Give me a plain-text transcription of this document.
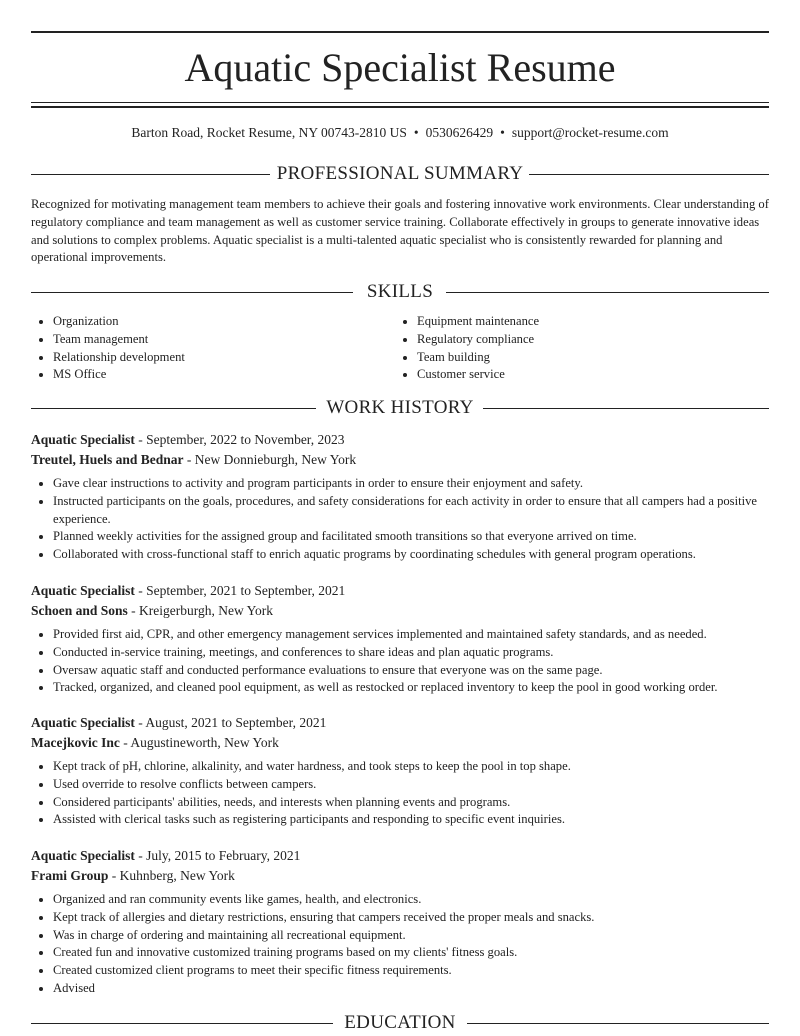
Aquatic Specialist Resume
Barton Road, Rocket Resume, NY 00743-2810 US • 0530626429 • support@rocket-resume.com
PROFESSIONAL SUMMARY

Recognized for motivating management team members to achieve their goals and fostering innovative work environments. Clear understanding of regulatory compliance and team management as well as customer service training. Collaborate effectively in groups to generate innovative ideas and solutions to complex problems. Aquatic specialist is a multi-talented aquatic specialist who is consistently rewarded for planning and operational improvements.

SKILLS
• Organization
• Team management
• Relationship development
• MS Office
• Equipment maintenance
• Regulatory compliance
• Team building
• Customer service
WORK HISTORY
Aquatic Specialist - September, 2022 to November, 2023
Treutel, Huels and Bednar - New Donnieburgh, New York
• Gave clear instructions to activity and program participants in order to ensure their enjoyment and safety.
• Instructed participants on the goals, procedures, and safety considerations for each activity in order to ensure that all campers had a positive experience.
• Planned weekly activities for the assigned group and facilitated smooth transitions so that everyone arrived on time.
• Collaborated with cross-functional staff to enrich aquatic programs by coordinating schedules with general program operations.
Aquatic Specialist - September, 2021 to September, 2021
Schoen and Sons - Kreigerburgh, New York
• Provided first aid, CPR, and other emergency management services implemented and maintained safety standards, and as needed.
• Conducted in-service training, meetings, and conferences to share ideas and plan aquatic programs.
• Oversaw aquatic staff and conducted performance evaluations to ensure that everyone was on the same page.
• Tracked, organized, and cleaned pool equipment, as well as restocked or replaced inventory to keep the pool in good working order.
Aquatic Specialist - August, 2021 to September, 2021
Macejkovic Inc - Augustineworth, New York
• Kept track of pH, chlorine, alkalinity, and water hardness, and took steps to keep the pool in top shape.
• Used override to resolve conflicts between campers.
• Considered participants' abilities, needs, and interests when planning events and programs.
• Assisted with clerical tasks such as registering participants and responding to specific event inquiries.
Aquatic Specialist - July, 2015 to February, 2021
Frami Group - Kuhnberg, New York
• Organized and ran community events like games, health, and electronics.
• Kept track of allergies and dietary restrictions, ensuring that campers received the proper meals and snacks.
• Was in charge of ordering and maintaining all recreational equipment.
• Created fun and innovative customized training programs based on my clients' fitness goals.
• Created customized client programs to meet their specific fitness requirements.
• Advised
EDUCATION
